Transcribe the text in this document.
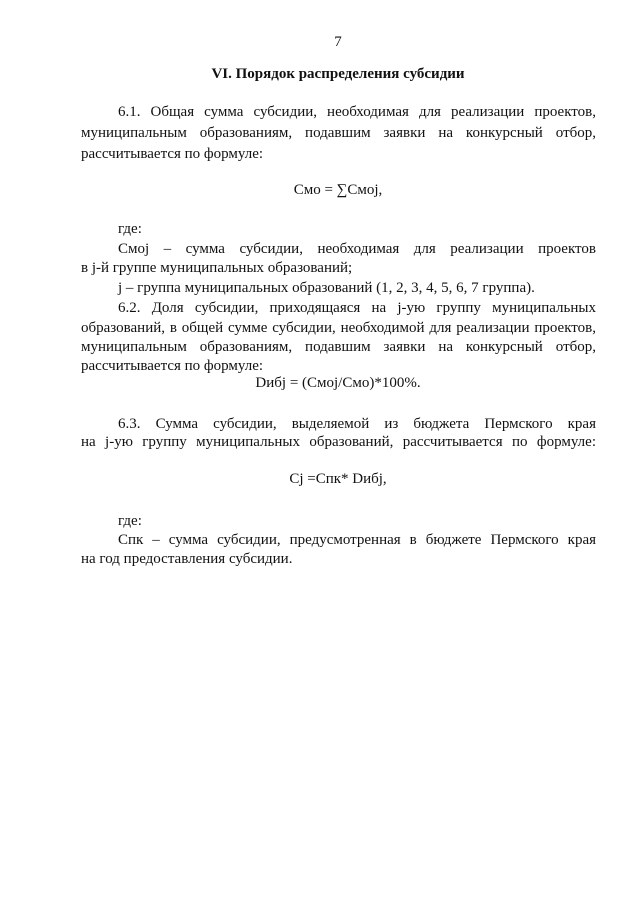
7
VI. Порядок распределения субсидии
6.1. Общая сумма субсидии, необходимая для реализации проектов,
муниципальным образованиям, подавшим заявки на конкурсный отбор,
рассчитывается по формуле:
Смо = ∑Смоj,
где:
Смоj – сумма субсидии, необходимая для реализации проектов
в j-й группе муниципальных образований;
j – группа муниципальных образований (1, 2, 3, 4, 5, 6, 7 группа).
6.2. Доля субсидии, приходящаяся на j-ую группу муниципальных
образований, в общей сумме субсидии, необходимой для реализации проектов,
муниципальным образованиям, подавшим заявки на конкурсный отбор,
рассчитывается по формуле:
Dибj = (Смоj/Смо)*100%.
6.3. Сумма субсидии, выделяемой из бюджета Пермского края
на j-ую группу муниципальных образований, рассчитывается по формуле:
Cj =Спк* Dибj,
где:
Спк – сумма субсидии, предусмотренная в бюджете Пермского края
на год предоставления субсидии.
